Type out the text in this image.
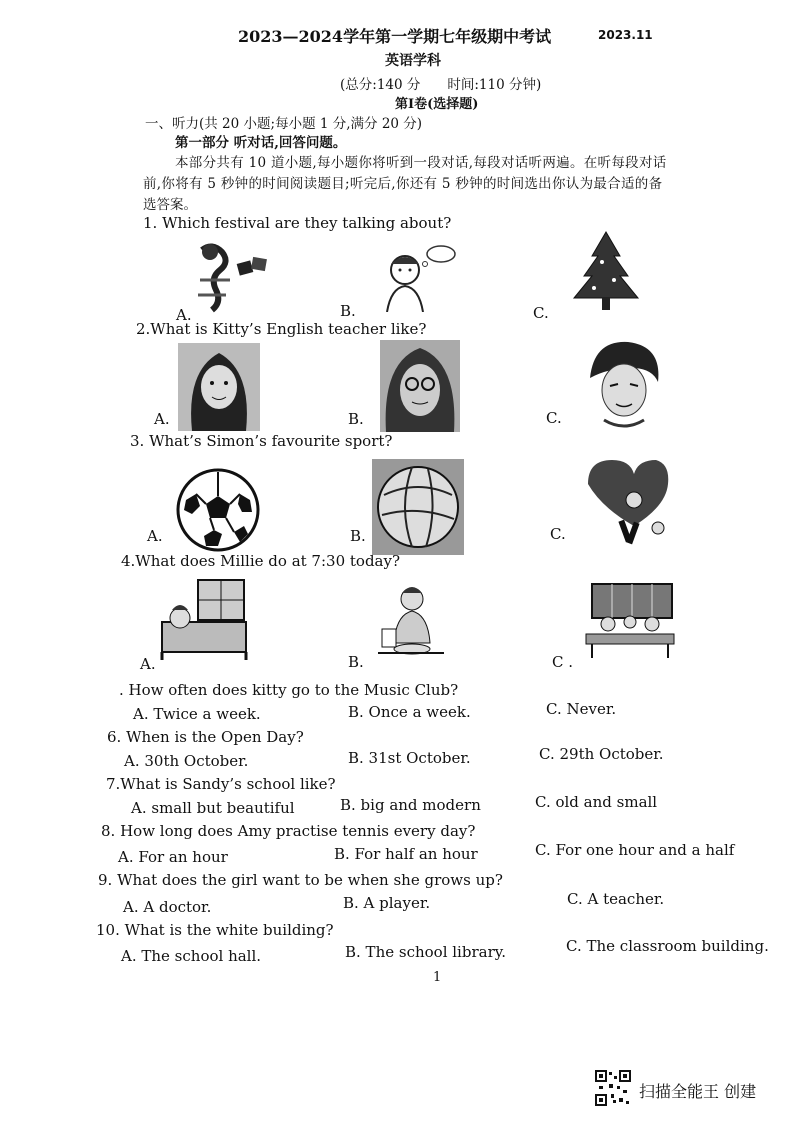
2023—2024学年第一学期七年级期中考试	2023.11
英语学科
(总分:140 分　　时间:110 分钟)
第Ⅰ卷(选择题)
一、听力(共 20 小题;每小题 1 分,满分 20 分)
第一部分 听对话,回答问题。
本部分共有 10 道小题,每小题你将听到一段对话,每段对话听两遍。在听每段对话
前,你将有 5 秒钟的时间阅读题目;听完后,你还有 5 秒钟的时间选出你认为最合适的备
选答案。
1. Which festival are they talking about?
A.	B.	C.
2.What is Kitty’s English teacher like?
A.	B.	C.
3. What’s Simon’s favourite sport?
A.	B.	C.
4.What does Millie do at 7:30 today?
A.	B.	C .
. How often does kitty go to the Music Club?
A. Twice a week.	B. Once a week.	C. Never.
6. When is the Open Day?
A. 30th October.	B. 31st October.	C. 29th October.
7.What is Sandy’s school like?
A. small but beautiful	B. big and modern	C. old and small
8. How long does Amy practise tennis every day?
A. For an hour	B. For half an hour	C. For one hour and a half
9. What does the girl want to be when she grows up?
A. A doctor.	B. A player.	C. A teacher.
10. What is the white building?
A. The school hall.	B. The school library.	C. The classroom building.
1
扫描全能王 创建
